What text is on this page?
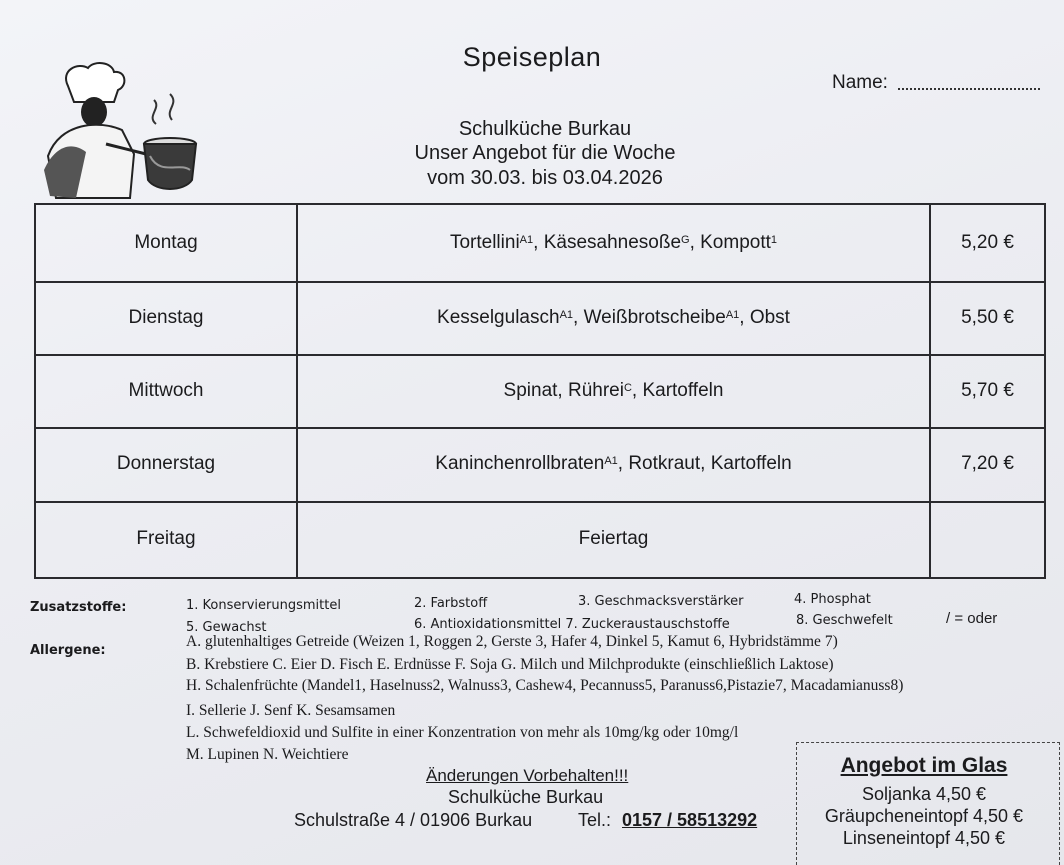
Speiseplan
Name:
Schulküche Burkau
Unser Angebot für die Woche
vom 30.03. bis 03.04.2026
Montag	Tortellini $^{A1}$ , Käsesahnesoße $^G$ , Kompott $^1$	5,20 €
Dienstag	Kesselgulasch $^{A1}$ , Weißbrotscheibe $^{A1}$ , Obst	5,50 €
Mittwoch	Spinat, Rührei $^C$ , Kartoffeln	5,70 €
Donnerstag	Kaninchenrollbraten $^{A1}$ , Rotkraut, Kartoffeln	7,20 €
Freitag	Feiertag
Zusatzstoffe:	1. Konservierungsmittel	2. Farbstoff	3. Geschmacksverstärker	4. Phosphat
5. Gewachst	6. Antioxidationsmittel 7. Zuckeraustauschstoffe	8. Geschwefelt	/ = oder
Allergene:
A. glutenhaltiges Getreide (Weizen 1, Roggen 2, Gerste 3, Hafer 4, Dinkel 5, Kamut 6, Hybridstämme 7)
B. Krebstiere C. Eier D. Fisch E. Erdnüsse F. Soja G. Milch und Milchprodukte (einschließlich Laktose)
H. Schalenfrüchte (Mandel1, Haselnuss2, Walnuss3, Cashew4, Pecannuss5, Paranuss6,Pistazie7, Macadamianuss8)
I. Sellerie J. Senf K. Sesamsamen
L. Schwefeldioxid und Sulfite in einer Konzentration von mehr als 10mg/kg oder 10mg/l
M. Lupinen N. Weichtiere
Änderungen Vorbehalten!!!
Schulküche Burkau
Schulstraße 4 / 01906 Burkau	Tel.: 0157 / 58513292
Angebot im Glas
Soljanka 4,50 €
Gräupcheneintopf 4,50 €
Linseneintopf 4,50 €
